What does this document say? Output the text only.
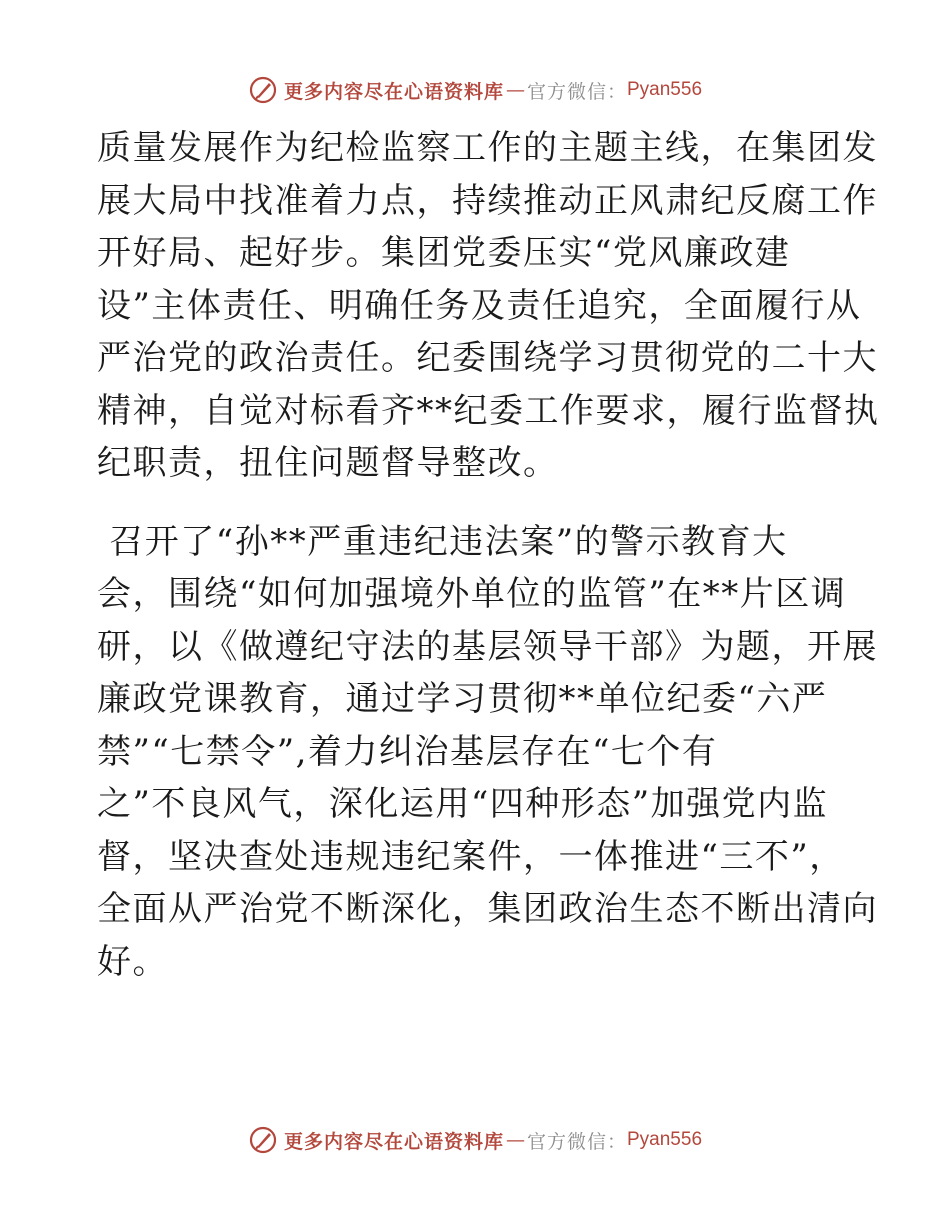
更多内容尽在心语资料库 — 官方微信： Pyan556

质量发展作为纪检监察工作的主题主线，在集团发
展大局中找准着力点，持续推动正风肃纪反腐工作
开好局、起好步。集团党委压实“党风廉政建
设”主体责任、明确任务及责任追究，全面履行从
严治党的政治责任。纪委围绕学习贯彻党的二十大
精神，自觉对标看齐**纪委工作要求，履行监督执
纪职责，扭住问题督导整改。

召开了“孙**严重违纪违法案”的警示教育大
会，围绕“如何加强境外单位的监管”在**片区调
研，以《做遵纪守法的基层领导干部》为题，开展
廉政党课教育，通过学习贯彻**单位纪委“六严
禁”“七禁令”,着力纠治基层存在“七个有
之”不良风气，深化运用“四种形态”加强党内监
督，坚决查处违规违纪案件，一体推进“三不”，
全面从严治党不断深化，集团政治生态不断出清向
好。

更多内容尽在心语资料库 — 官方微信： Pyan556
